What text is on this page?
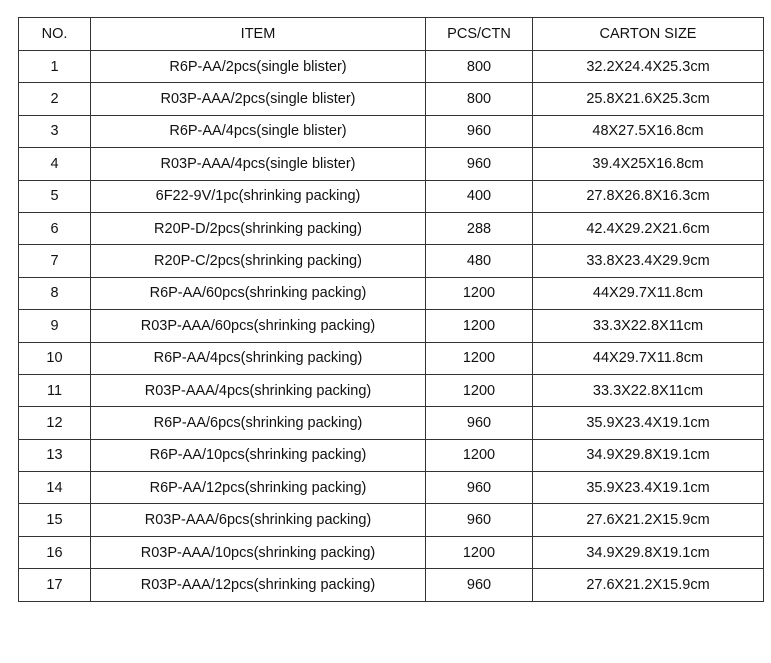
NO.	ITEM	PCS/CTN	CARTON SIZE
1	R6P-AA/2pcs(single blister)	800	32.2X24.4X25.3cm
2	R03P-AAA/2pcs(single blister)	800	25.8X21.6X25.3cm
3	R6P-AA/4pcs(single blister)	960	48X27.5X16.8cm
4	R03P-AAA/4pcs(single blister)	960	39.4X25X16.8cm
5	6F22-9V/1pc(shrinking packing)	400	27.8X26.8X16.3cm
6	R20P-D/2pcs(shrinking packing)	288	42.4X29.2X21.6cm
7	R20P-C/2pcs(shrinking packing)	480	33.8X23.4X29.9cm
8	R6P-AA/60pcs(shrinking packing)	1200	44X29.7X11.8cm
9	R03P-AAA/60pcs(shrinking packing)	1200	33.3X22.8X11cm
10	R6P-AA/4pcs(shrinking packing)	1200	44X29.7X11.8cm
11	R03P-AAA/4pcs(shrinking packing)	1200	33.3X22.8X11cm
12	R6P-AA/6pcs(shrinking packing)	960	35.9X23.4X19.1cm
13	R6P-AA/10pcs(shrinking packing)	1200	34.9X29.8X19.1cm
14	R6P-AA/12pcs(shrinking packing)	960	35.9X23.4X19.1cm
15	R03P-AAA/6pcs(shrinking packing)	960	27.6X21.2X15.9cm
16	R03P-AAA/10pcs(shrinking packing)	1200	34.9X29.8X19.1cm
17	R03P-AAA/12pcs(shrinking packing)	960	27.6X21.2X15.9cm
